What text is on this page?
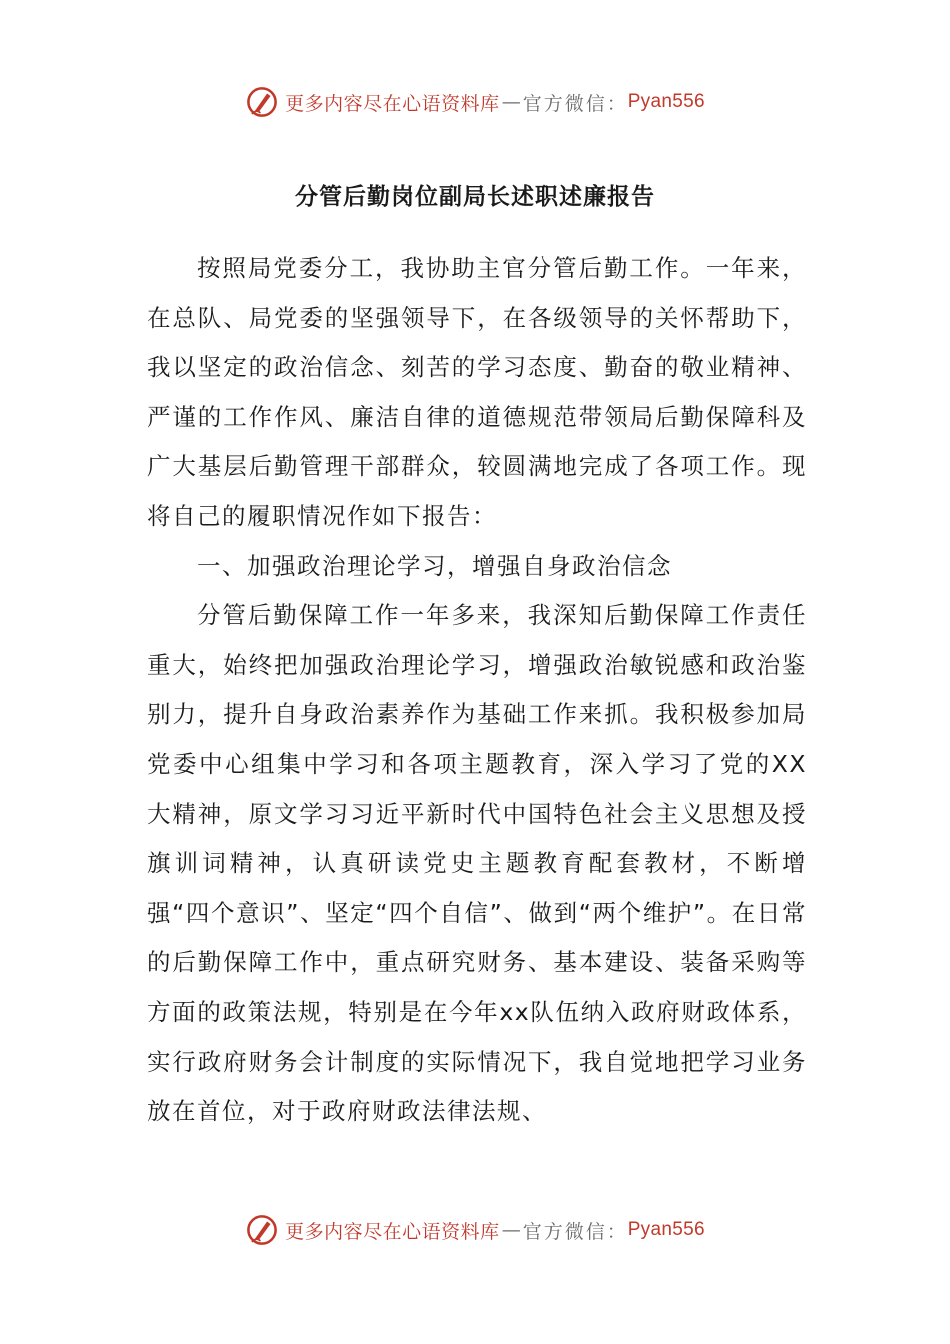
更多内容尽在心语资料库 — 官方微信： Pyan556
分管后勤岗位副局长述职述廉报告

按照局党委分工，我协助主官分管后勤工作。一年来，在总队、局党委的坚强领导下，在各级领导的关怀帮助下，我以坚定的政治信念、刻苦的学习态度、勤奋的敬业精神、严谨的工作作风、廉洁自律的道德规范带领局后勤保障科及广大基层后勤管理干部群众，较圆满地完成了各项工作。现将自己的履职情况作如下报告：

一、加强政治理论学习，增强自身政治信念

分管后勤保障工作一年多来，我深知后勤保障工作责任重大，始终把加强政治理论学习，增强政治敏锐感和政治鉴别力，提升自身政治素养作为基础工作来抓。我积极参加局党委中心组集中学习和各项主题教育，深入学习了党的XX大精神，原文学习习近平新时代中国特色社会主义思想及授旗训词精神，认真研读党史主题教育配套教材，不断增强“四个意识”、坚定“四个自信”、做到“两个维护”。在日常的后勤保障工作中，重点研究财务、基本建设、装备采购等方面的政策法规，特别是在今年xx队伍纳入政府财政体系，实行政府财务会计制度的实际情况下，我自觉地把学习业务放在首位，对于政府财政法律法规、

更多内容尽在心语资料库 — 官方微信： Pyan556
